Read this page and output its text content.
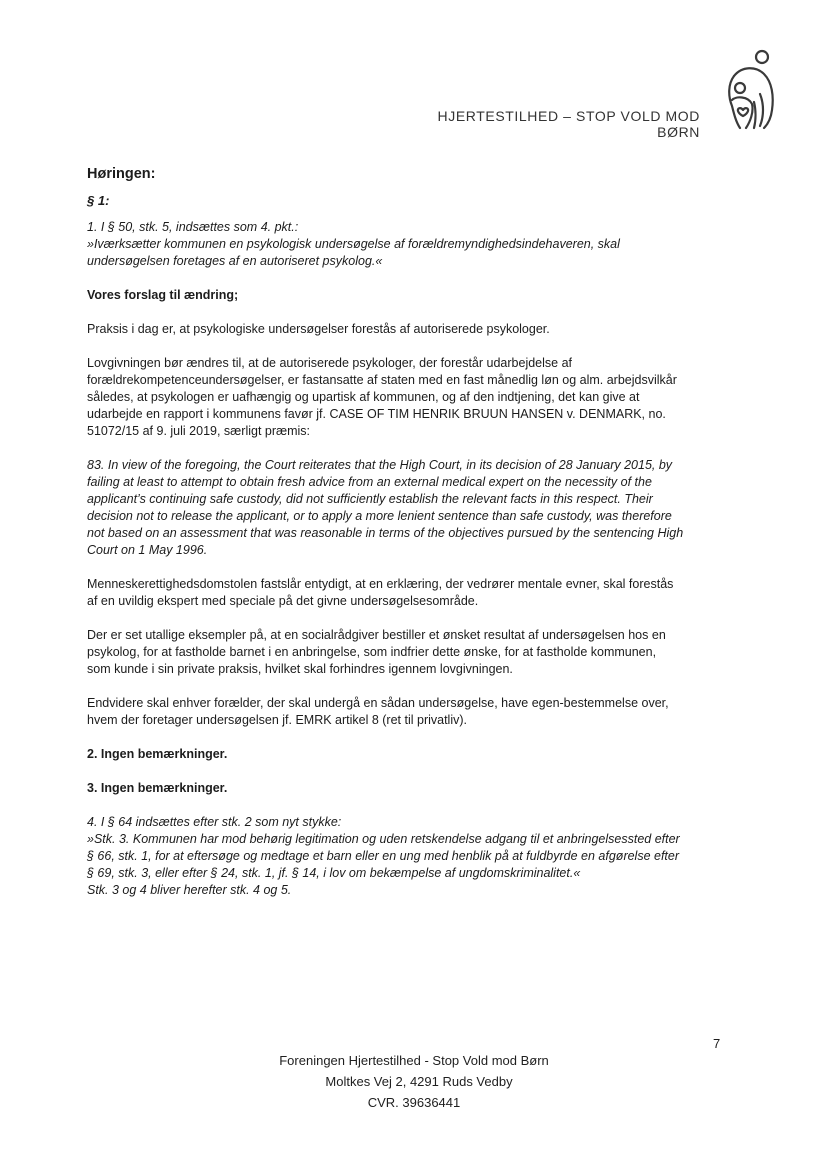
HJERTESTILHED – STOP VOLD MOD BØRN

Høringen:

§ 1:

1. I § 50, stk. 5, indsættes som 4. pkt.:
»Iværksætter kommunen en psykologisk undersøgelse af forældremyndighedsindehaveren, skal
undersøgelsen foretages af en autoriseret psykolog.«

Vores forslag til ændring;

Praksis i dag er, at psykologiske undersøgelser forestås af autoriserede psykologer.

Lovgivningen bør ændres til, at de autoriserede psykologer, der forestår udarbejdelse af
forældrekompetenceundersøgelser, er fastansatte af staten med en fast månedlig løn og alm. arbejdsvilkår
således, at psykologen er uafhængig og upartisk af kommunen, og af den indtjening, det kan give at
udarbejde en rapport i kommunens favør jf. CASE OF TIM HENRIK BRUUN HANSEN v. DENMARK, no.
51072/15 af 9. juli 2019, særligt præmis:

83. In view of the foregoing, the Court reiterates that the High Court, in its decision of 28 January 2015, by
failing at least to attempt to obtain fresh advice from an external medical expert on the necessity of the
applicant’s continuing safe custody, did not sufficiently establish the relevant facts in this respect. Their
decision not to release the applicant, or to apply a more lenient sentence than safe custody, was therefore
not based on an assessment that was reasonable in terms of the objectives pursued by the sentencing High
Court on 1 May 1996.

Menneskerettighedsdomstolen fastslår entydigt, at en erklæring, der vedrører mentale evner, skal forestås
af en uvildig ekspert med speciale på det givne undersøgelsesområde.

Der er set utallige eksempler på, at en socialrådgiver bestiller et ønsket resultat af undersøgelsen hos en
psykolog, for at fastholde barnet i en anbringelse, som indfrier dette ønske, for at fastholde kommunen,
som kunde i sin private praksis, hvilket skal forhindres igennem lovgivningen.

Endvidere skal enhver forælder, der skal undergå en sådan undersøgelse, have egen-bestemmelse over,
hvem der foretager undersøgelsen jf. EMRK artikel 8 (ret til privatliv).

2. Ingen bemærkninger.

3. Ingen bemærkninger.

4. I § 64 indsættes efter stk. 2 som nyt stykke:
»Stk. 3. Kommunen har mod behørig legitimation og uden retskendelse adgang til et anbringelsessted efter
§ 66, stk. 1, for at eftersøge og medtage et barn eller en ung med henblik på at fuldbyrde en afgørelse efter
§ 69, stk. 3, eller efter § 24, stk. 1, jf. § 14, i lov om bekæmpelse af ungdomskriminalitet.«
Stk. 3 og 4 bliver herefter stk. 4 og 5.

7
Foreningen Hjertestilhed - Stop Vold mod Børn
Moltkes Vej 2, 4291 Ruds Vedby
CVR. 39636441
